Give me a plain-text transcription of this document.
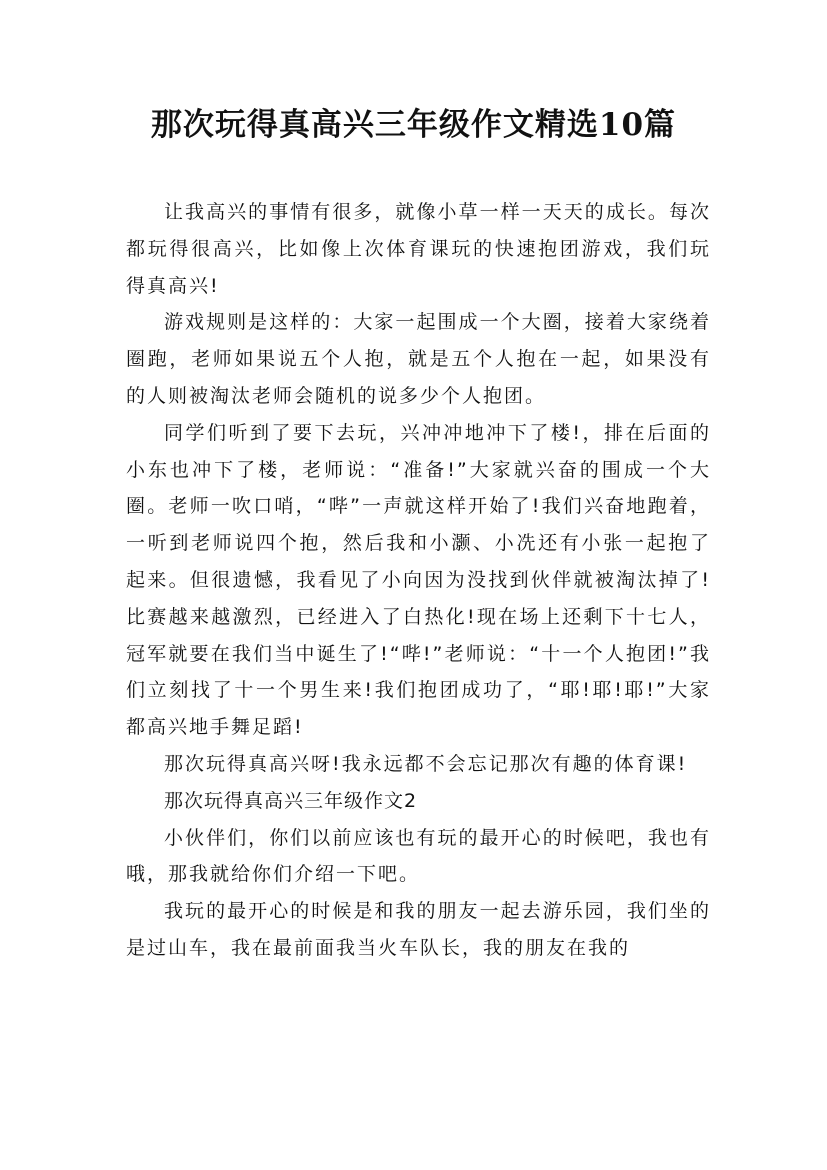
那次玩得真高兴三年级作文精选10篇

让我高兴的事情有很多，就像小草一样一天天的成长。每次都玩得很高兴，比如像上次体育课玩的快速抱团游戏，我们玩得真高兴!

游戏规则是这样的：大家一起围成一个大圈，接着大家绕着圈跑，老师如果说五个人抱，就是五个人抱在一起，如果没有的人则被淘汰老师会随机的说多少个人抱团。

同学们听到了要下去玩，兴冲冲地冲下了楼!，排在后面的小东也冲下了楼，老师说：“准备!”大家就兴奋的围成一个大圈。老师一吹口哨，“哔”一声就这样开始了!我们兴奋地跑着，一听到老师说四个抱，然后我和小灏、小冼还有小张一起抱了起来。但很遗憾，我看见了小向因为没找到伙伴就被淘汰掉了!比赛越来越激烈，已经进入了白热化!现在场上还剩下十七人，冠军就要在我们当中诞生了!“哔!”老师说：“十一个人抱团!”我们立刻找了十一个男生来!我们抱团成功了，“耶!耶!耶!”大家都高兴地手舞足蹈!

那次玩得真高兴呀!我永远都不会忘记那次有趣的体育课!

那次玩得真高兴三年级作文2

小伙伴们，你们以前应该也有玩的最开心的时候吧，我也有哦，那我就给你们介绍一下吧。

我玩的最开心的时候是和我的朋友一起去游乐园，我们坐的是过山车，我在最前面我当火车队长，我的朋友在我的
